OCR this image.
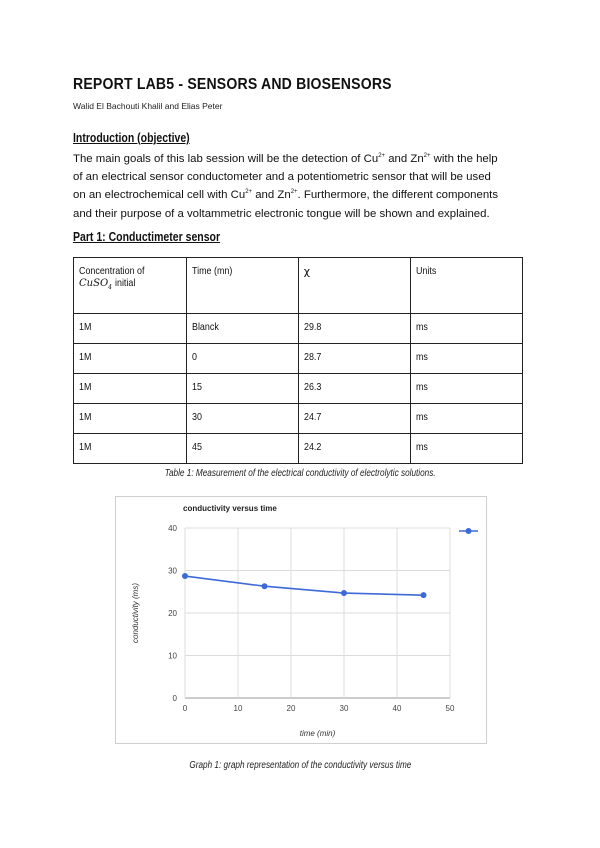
REPORT LAB5 - SENSORS AND BIOSENSORS
Walid El Bachouti Khalil and Elias Peter
Introduction (objective)

The main goals of this lab session will be the detection of $Cu^{2+}$ and $Zn^{2+}$ with the help

of an electrical sensor conductometer and a potentiometric sensor that will be used

on an electrochemical cell with $Cu^{2+}$ and $Zn^{2+}$. Furthermore, the different components

and their purpose of a voltammetric electronic tongue will be shown and explained.

Part 1: Conductimeter sensor
Concentration of
CuSO$_4$ initial	Time (mn)	χ	Units
1M	Blanck	29.8	ms
1M	0	28.7	ms
1M	15	26.3	ms
1M	30	24.7	ms
1M	45	24.2	ms
Table 1: Measurement of the electrical conductivity of electrolytic solutions.
conductivity versus time
0
10
20
30
40
0	10	20	30	40	50
time (min)
conductivity (ms)
Graph 1: graph representation of the conductivity versus time
